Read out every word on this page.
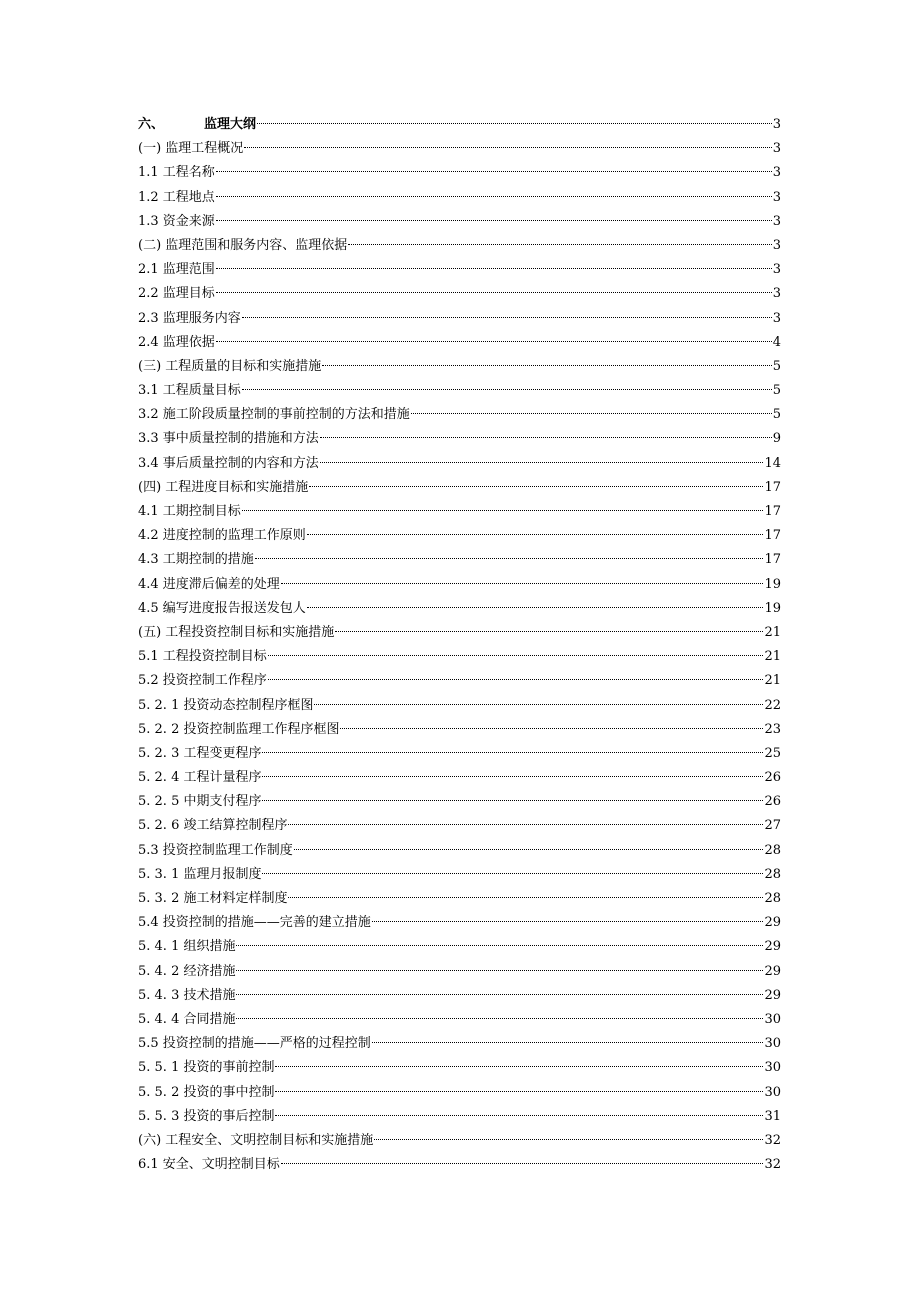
六、	监理大纲	3
(一) 监理工程概况	3
1.1 工程名称	3
1.2 工程地点	3
1.3 资金来源	3
(二) 监理范围和服务内容、监理依据	3
2.1 监理范围	3
2.2 监理目标	3
2.3 监理服务内容	3
2.4 监理依据	4
(三) 工程质量的目标和实施措施	5
3.1 工程质量目标	5
3.2 施工阶段质量控制的事前控制的方法和措施	5
3.3 事中质量控制的措施和方法	9
3.4 事后质量控制的内容和方法	14
(四) 工程进度目标和实施措施	17
4.1 工期控制目标	17
4.2 进度控制的监理工作原则	17
4.3 工期控制的措施	17
4.4 进度滞后偏差的处理	19
4.5 编写进度报告报送发包人	19
(五) 工程投资控制目标和实施措施	21
5.1 工程投资控制目标	21
5.2 投资控制工作程序	21
5. 2. 1 投资动态控制程序框图	22
5. 2. 2 投资控制监理工作程序框图	23
5. 2. 3 工程变更程序	25
5. 2. 4 工程计量程序	26
5. 2. 5 中期支付程序	26
5. 2. 6 竣工结算控制程序	27
5.3 投资控制监理工作制度	28
5. 3. 1 监理月报制度	28
5. 3. 2 施工材料定样制度	28
5.4 投资控制的措施——完善的建立措施	29
5. 4. 1 组织措施	29
5. 4. 2 经济措施	29
5. 4. 3 技术措施	29
5. 4. 4 合同措施	30
5.5 投资控制的措施——严格的过程控制	30
5. 5. 1 投资的事前控制	30
5. 5. 2 投资的事中控制	30
5. 5. 3 投资的事后控制	31
(六) 工程安全、文明控制目标和实施措施	32
6.1 安全、文明控制目标	32
